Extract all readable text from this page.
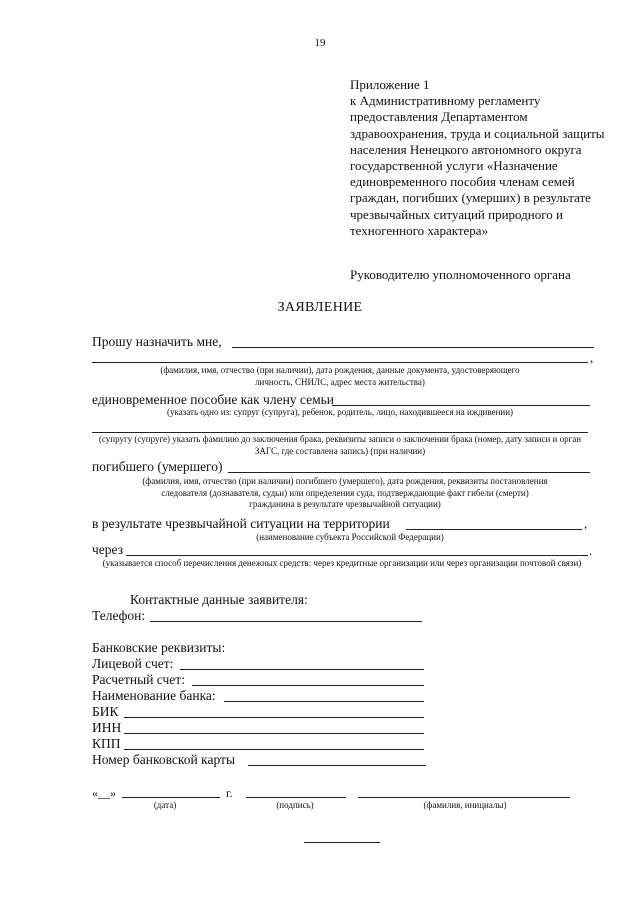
19
Приложение 1
к Административному регламенту предоставления Департаментом здравоохранения, труда и социальной защиты населения Ненецкого автономного округа государственной услуги «Назначение единовременного пособия членам семей граждан, погибших (умерших) в результате чрезвычайных ситуаций природного и техногенного характера»
Руководителю уполномоченного органа
ЗАЯВЛЕНИЕ
Прошу назначить мне,
,
(фамилия, имя, отчество (при наличии), дата рождения, данные документа, удостоверяющего личность, СНИЛС, адрес места жительства)
единовременное пособие как члену семьи
(указать одно из: супруг (супруга), ребенок, родитель, лицо, находившееся на иждивении)
(супругу (супруге) указать фамилию до заключения брака, реквизиты записи о заключении брака (номер, дату записи и орган ЗАГС, где составлена запись) (при наличии)
погибшего (умершего)
(фамилия, имя, отчество (при наличии) погибшего (умершего), дата рождения, реквизиты постановления следователя (дознавателя, судьи) или определения суда, подтверждающие факт гибели (смерти) гражданина в результате чрезвычайной ситуации)
в результате чрезвычайной ситуации на территории	,
(наименование субъекта Российской Федерации)
через	.
(указывается способ перечисления денежных средств: через кредитные организации или через организации почтовой связи)
Контактные данные заявителя:
Телефон:
Банковские реквизиты:
Лицевой счет:
Расчетный счет:
Наименование банка:
БИК
ИНН
КПП
Номер банковской карты
«__»	г.
(дата)	(подпись)	(фамилия, инициалы)
